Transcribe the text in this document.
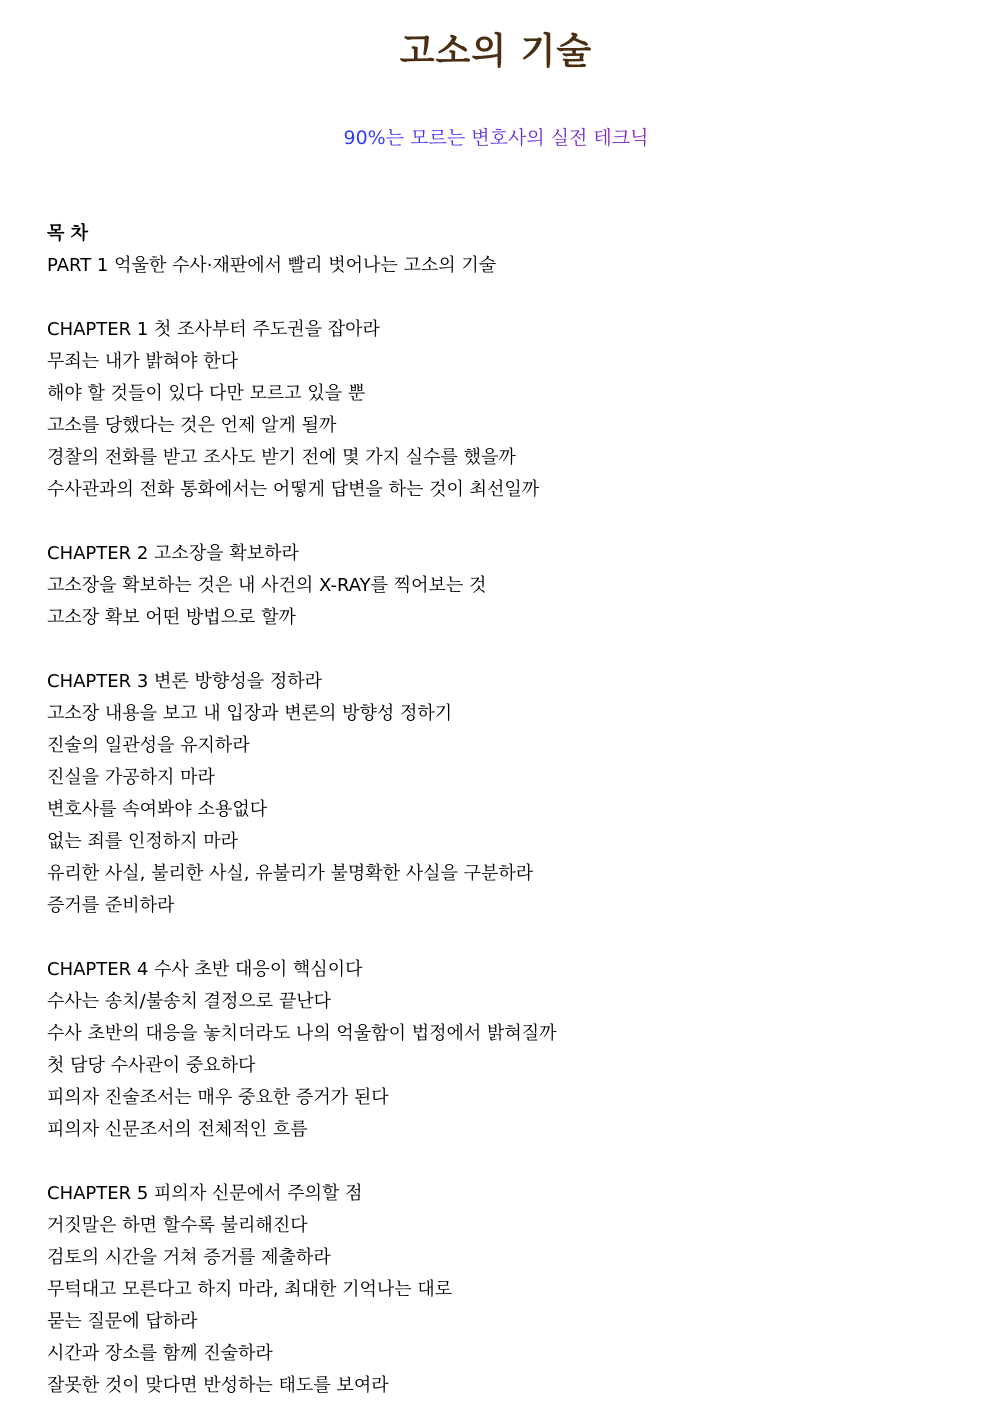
고소의 기술
90%는 모르는 변호사의 실전 테크닉
목 차
PART 1 억울한 수사·재판에서 빨리 벗어나는 고소의 기술
CHAPTER 1 첫 조사부터 주도권을 잡아라
무죄는 내가 밝혀야 한다
해야 할 것들이 있다 다만 모르고 있을 뿐
고소를 당했다는 것은 언제 알게 될까
경찰의 전화를 받고 조사도 받기 전에 몇 가지 실수를 했을까
수사관과의 전화 통화에서는 어떻게 답변을 하는 것이 최선일까
CHAPTER 2 고소장을 확보하라
고소장을 확보하는 것은 내 사건의 X-RAY를 찍어보는 것
고소장 확보 어떤 방법으로 할까
CHAPTER 3 변론 방향성을 정하라
고소장 내용을 보고 내 입장과 변론의 방향성 정하기
진술의 일관성을 유지하라
진실을 가공하지 마라
변호사를 속여봐야 소용없다
없는 죄를 인정하지 마라
유리한 사실, 불리한 사실, 유불리가 불명확한 사실을 구분하라
증거를 준비하라
CHAPTER 4 수사 초반 대응이 핵심이다
수사는 송치/불송치 결정으로 끝난다
수사 초반의 대응을 놓치더라도 나의 억울함이 법정에서 밝혀질까
첫 담당 수사관이 중요하다
피의자 진술조서는 매우 중요한 증거가 된다
피의자 신문조서의 전체적인 흐름
CHAPTER 5 피의자 신문에서 주의할 점
거짓말은 하면 할수록 불리해진다
검토의 시간을 거쳐 증거를 제출하라
무턱대고 모른다고 하지 마라, 최대한 기억나는 대로
묻는 질문에 답하라
시간과 장소를 함께 진술하라
잘못한 것이 맞다면 반성하는 태도를 보여라
